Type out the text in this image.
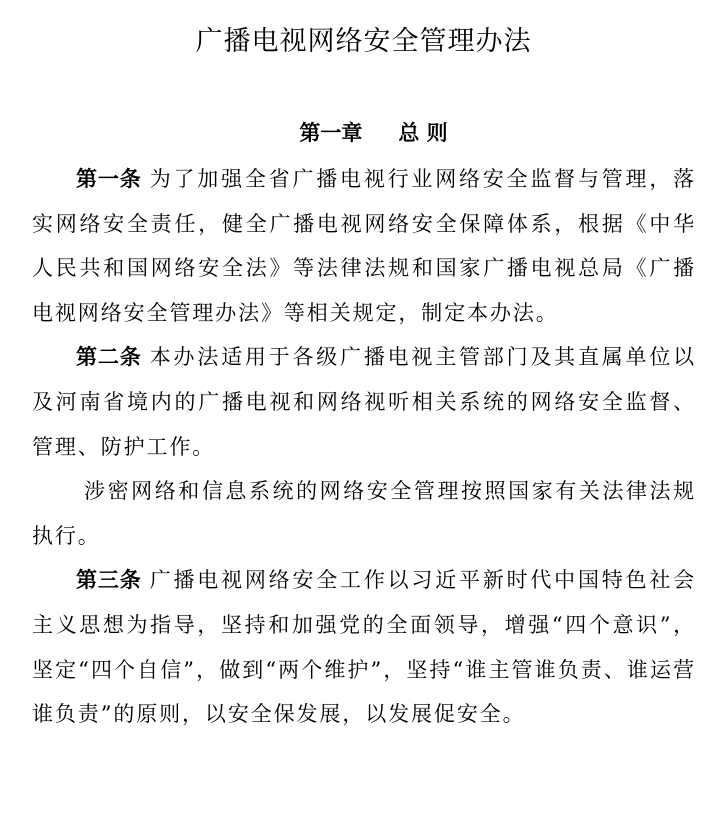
广播电视网络安全管理办法
第一章 总 则

第一条 为了加强全省广播电视行业网络安全监督与管理，落实网络安全责任，健全广播电视网络安全保障体系，根据《中华人民共和国网络安全法》等法律法规和国家广播电视总局《广播电视网络安全管理办法》等相关规定，制定本办法。

第二条 本办法适用于各级广播电视主管部门及其直属单位以及河南省境内的广播电视和网络视听相关系统的网络安全监督、管理、防护工作。

涉密网络和信息系统的网络安全管理按照国家有关法律法规执行。

第三条 广播电视网络安全工作以习近平新时代中国特色社会主义思想为指导，坚持和加强党的全面领导，增强“四个意识”，坚定“四个自信”，做到“两个维护”，坚持“谁主管谁负责、谁运营谁负责”的原则，以安全保发展，以发展促安全。
